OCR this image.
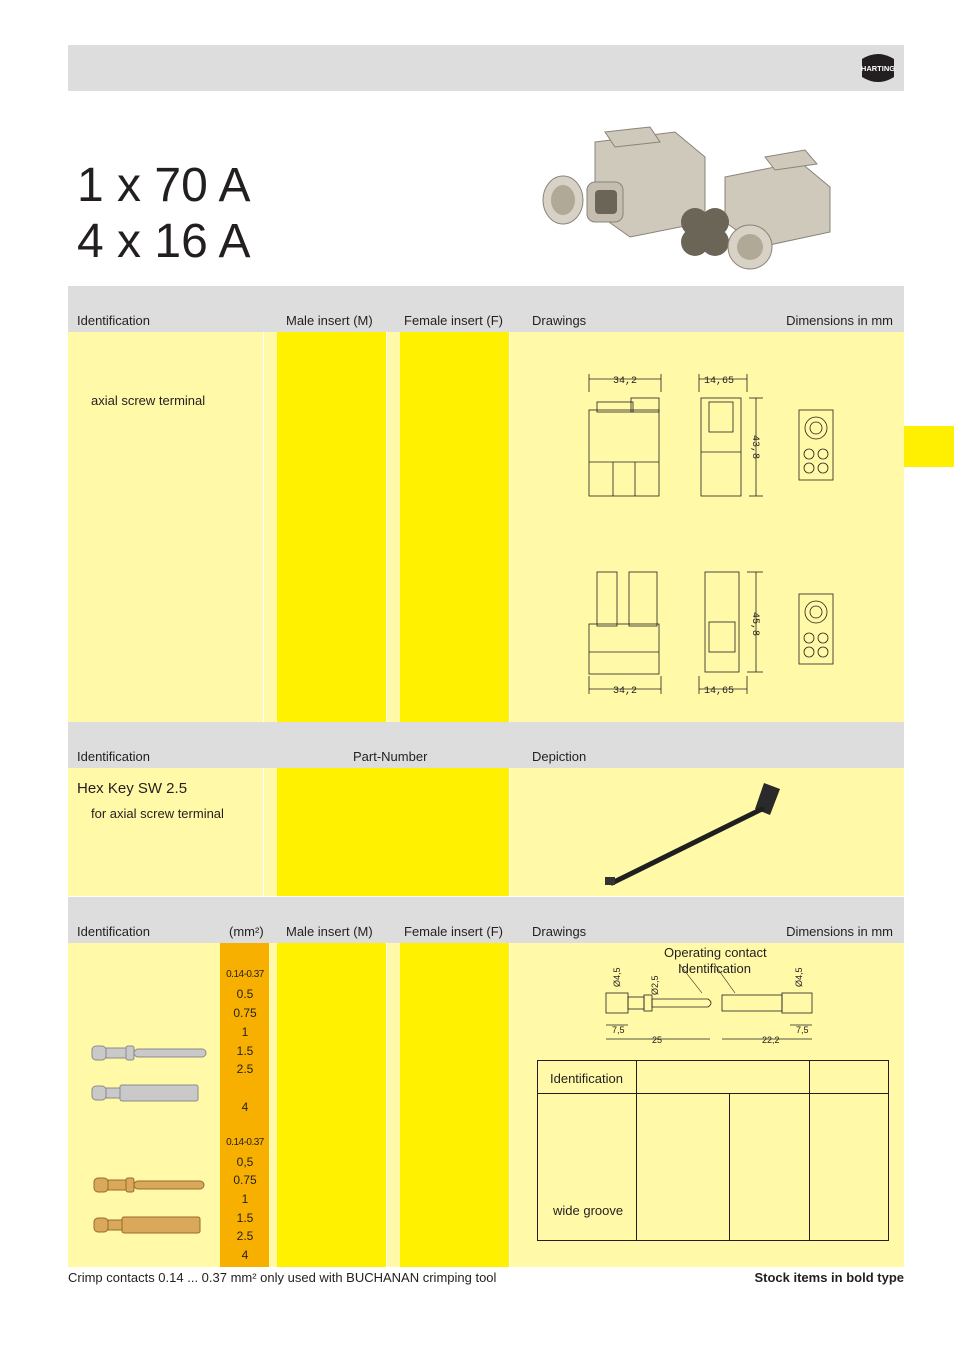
HARTING
1 x 70 A
4 x 16 A
Identification	Male insert (M) Female insert (F) Drawings	Dimensions in mm
axial screw terminal
34,2	14,65
43,8
34,2	14,65
45,8
Identification	Part-Number	Depiction
Hex Key SW 2.5
for axial screw terminal
Identification	(mm²) Male insert (M) Female insert (F) Drawings	Dimensions in mm
0.14-0.37
0.5
0.75
1
1.5
2.5
4
0.14-0.37
0,5
0.75
1
1.5
2.5
4
Operating contact
Identification
Ø4,5	Ø2,5	Ø4,5
7,5
25	22,2
7,5
Identification
wide groove
Crimp contacts 0.14 ... 0.37 mm² only used with BUCHANAN crimping tool	Stock items in bold type
